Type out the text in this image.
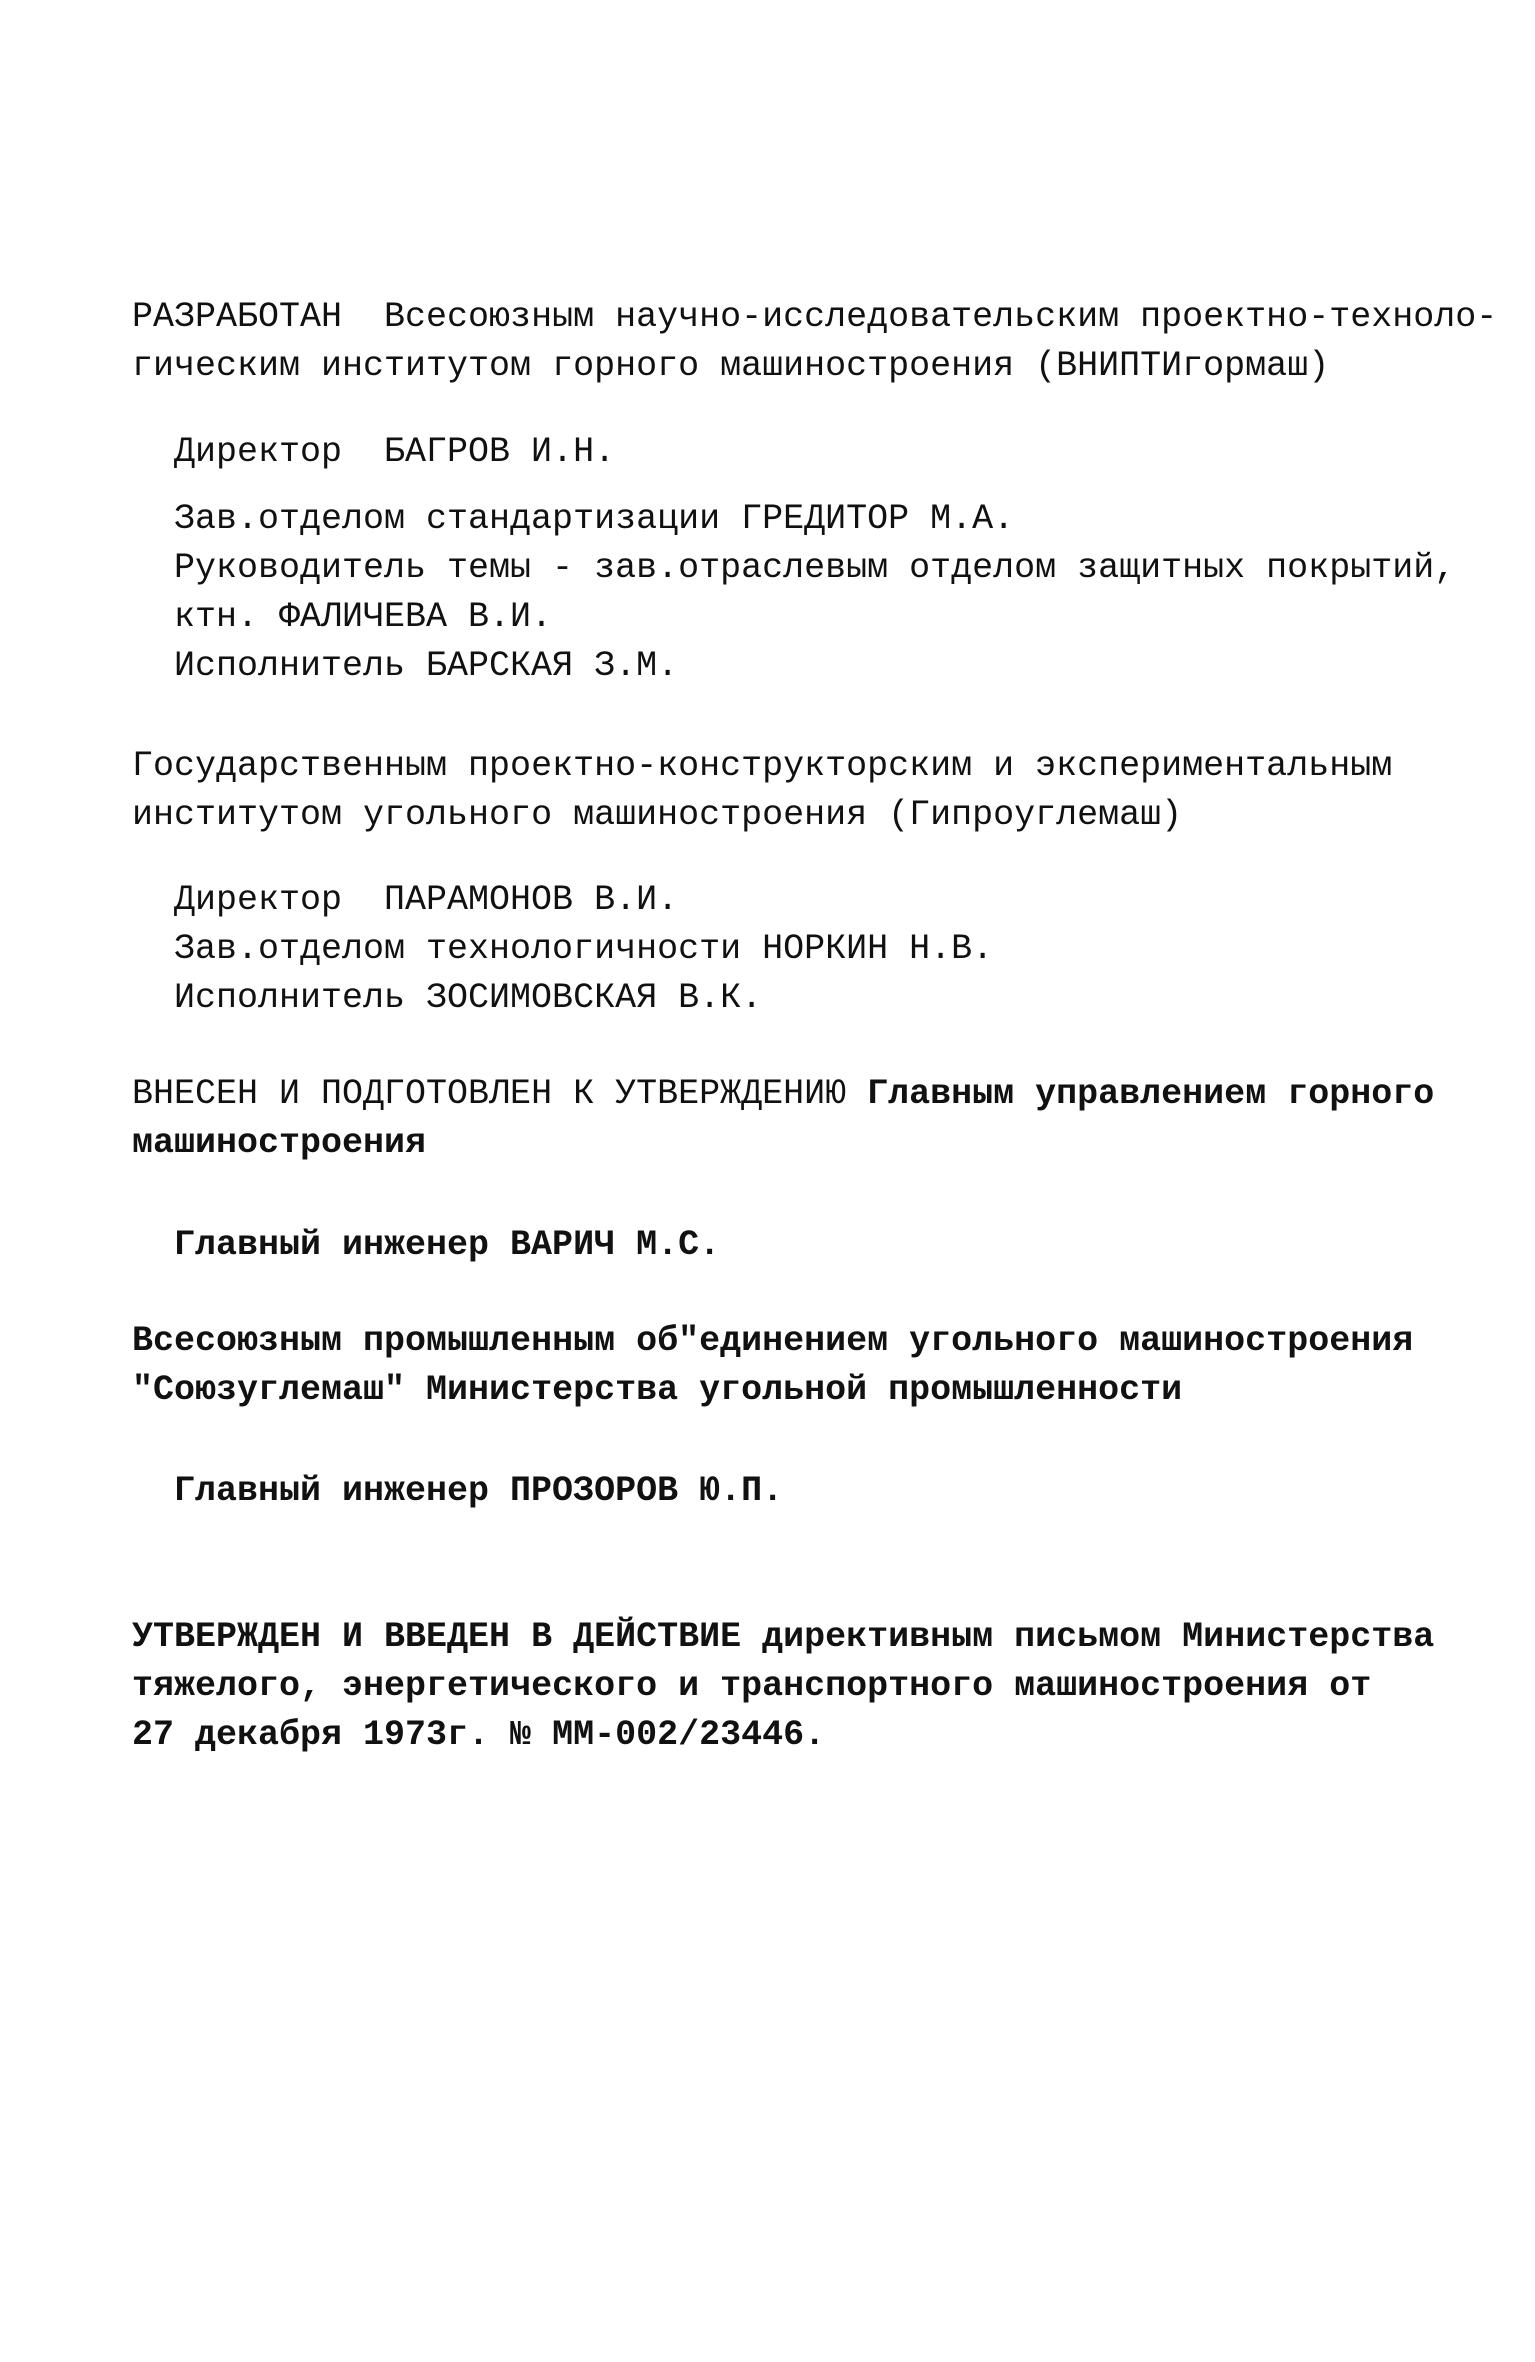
РАЗРАБОТАН  Всесоюзным научно-исследовательским проектно-техноло-
гическим институтом горного машиностроения (ВНИПТИгормаш)
Директор  БАГРОВ И.Н.
Зав.отделом стандартизации ГРЕДИТОР М.А.
Руководитель темы - зав.отраслевым отделом защитных покрытий,
ктн. ФАЛИЧЕВА В.И.
Исполнитель БАРСКАЯ З.М.
Государственным проектно-конструкторским и экспериментальным
институтом угольного машиностроения (Гипроуглемаш)
Директор  ПАРАМОНОВ В.И.
Зав.отделом технологичности НОРКИН Н.В.
Исполнитель ЗОСИМОВСКАЯ В.К.
ВНЕСЕН И ПОДГОТОВЛЕН К УТВЕРЖДЕНИЮ Главным управлением горного
машиностроения
Главный инженер ВАРИЧ М.С.
Всесоюзным промышленным об"единением угольного машиностроения
"Союзуглемаш" Министерства угольной промышленности
Главный инженер ПРОЗОРОВ Ю.П.
УТВЕРЖДЕН И ВВЕДЕН В ДЕЙСТВИЕ директивным письмом Министерства
тяжелого, энергетического и транспортного машиностроения от
27 декабря 1973г. № ММ-002/23446.
